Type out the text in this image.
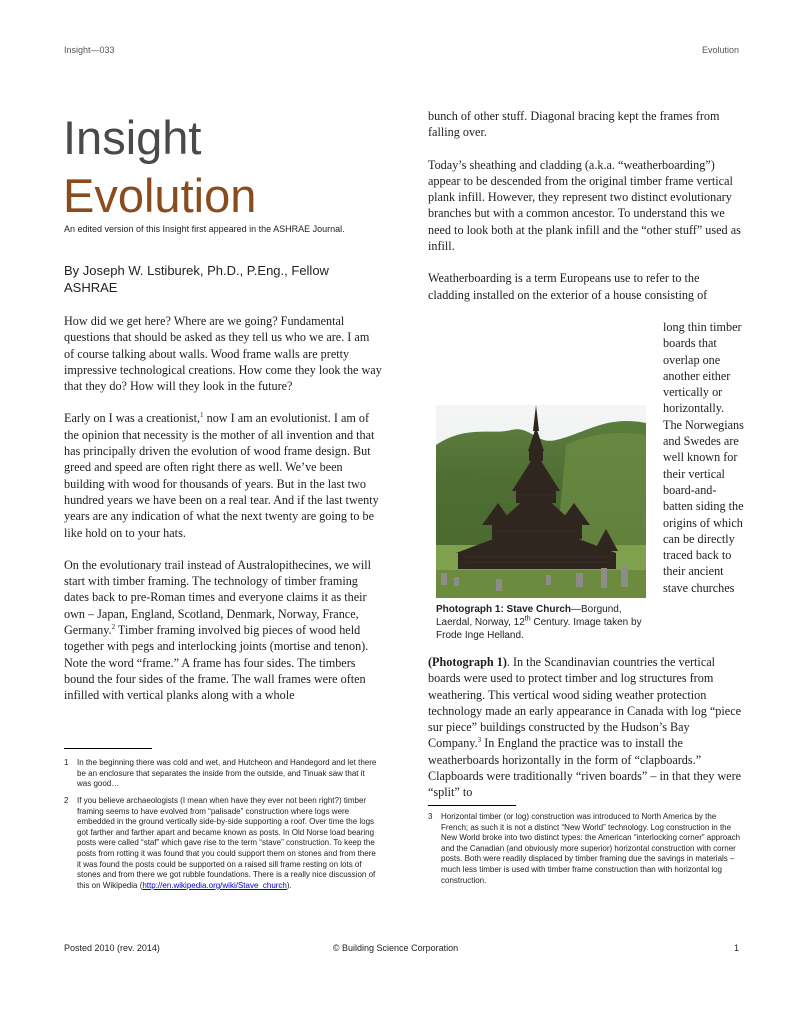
Insight—033	Evolution
Insight
Evolution
An edited version of this Insight first appeared in the ASHRAE Journal.
By Joseph W. Lstiburek, Ph.D., P.Eng., Fellow ASHRAE

How did we get here? Where are we going? Fundamental questions that should be asked as they tell us who we are. I am of course talking about walls. Wood frame walls are pretty impressive technological creations. How come they look the way that they do? How will they look in the future?

Early on I was a creationist,$^1$ now I am an evolutionist. I am of the opinion that necessity is the mother of all invention and that has principally driven the evolution of wood frame design. But greed and speed are often right there as well. We’ve been building with wood for thousands of years. But in the last two hundred years we have been on a real tear. And if the last twenty years are any indication of what the next twenty are going to be like hold on to your hats.

On the evolutionary trail instead of Australopithecines, we will start with timber framing. The technology of timber framing dates back to pre-Roman times and everyone claims it as their own – Japan, England, Scotland, Denmark, Norway, France, Germany.$^2$ Timber framing involved big pieces of wood held together with pegs and interlocking joints (mortise and tenon). Note the word “frame.” A frame has four sides. The timbers bound the four sides of the frame. The wall frames were often infilled with vertical planks along with a whole

1 In the beginning there was cold and wet, and Hutcheon and Handegord and let there be an enclosure that separates the inside from the outside, and Tinuak saw that it was good…
2 If you believe archaeologists (I mean when have they ever not been right?) timber framing seems to have evolved from “palisade” construction where logs were embedded in the ground vertically side-by-side supporting a roof. Over time the logs got farther and farther apart and became known as posts. In Old Norse load bearing posts were called “staf” which gave rise to the term “stave” construction. To keep the posts from rotting it was found that you could support them on stones and from there it was found the posts could be supported on a raised sill frame resting on lots of stones and from there we got rubble foundations. There is a really nice discussion of this on Wikipedia (http://en.wikipedia.org/wiki/Stave_church).

bunch of other stuff. Diagonal bracing kept the frames from falling over.

Today’s sheathing and cladding (a.k.a. “weatherboarding”) appear to be descended from the original timber frame vertical plank infill. However, they represent two distinct evolutionary branches but with a common ancestor. To understand this we need to look both at the plank infill and the “other stuff” used as infill.

Weatherboarding is a term Europeans use to refer to the cladding installed on the exterior of a house consisting of

Photograph 1: Stave Church—Borgund, Laerdal, Norway, 12th Century. Image taken by Frode Inge Helland.
long thin timber boards that overlap one another either vertically or horizontally. The Norwegians and Swedes are well known for their vertical board-and-batten siding the origins of which can be directly traced back to their ancient stave churches
(Photograph 1). In the Scandinavian countries the vertical boards were used to protect timber and log structures from weathering. This vertical wood siding weather protection technology made an early appearance in Canada with log “piece sur piece” buildings constructed by the Hudson’s Bay Company.$^3$ In England the practice was to install the weatherboards horizontally in the form of “clapboards.” Clapboards were traditionally “riven boards” – in that they were “split” to
3 Horizontal timber (or log) construction was introduced to North America by the French; as such it is not a distinct “New World” technology. Log construction in the New World broke into two distinct types: the American “interlocking corner” approach and the Canadian (and obviously more superior) horizontal construction with corner posts. Both were readily displaced by timber framing due the savings in materials – much less timber is used with timber frame construction than with horizontal log construction.
Posted 2010 (rev. 2014)	© Building Science Corporation	1
